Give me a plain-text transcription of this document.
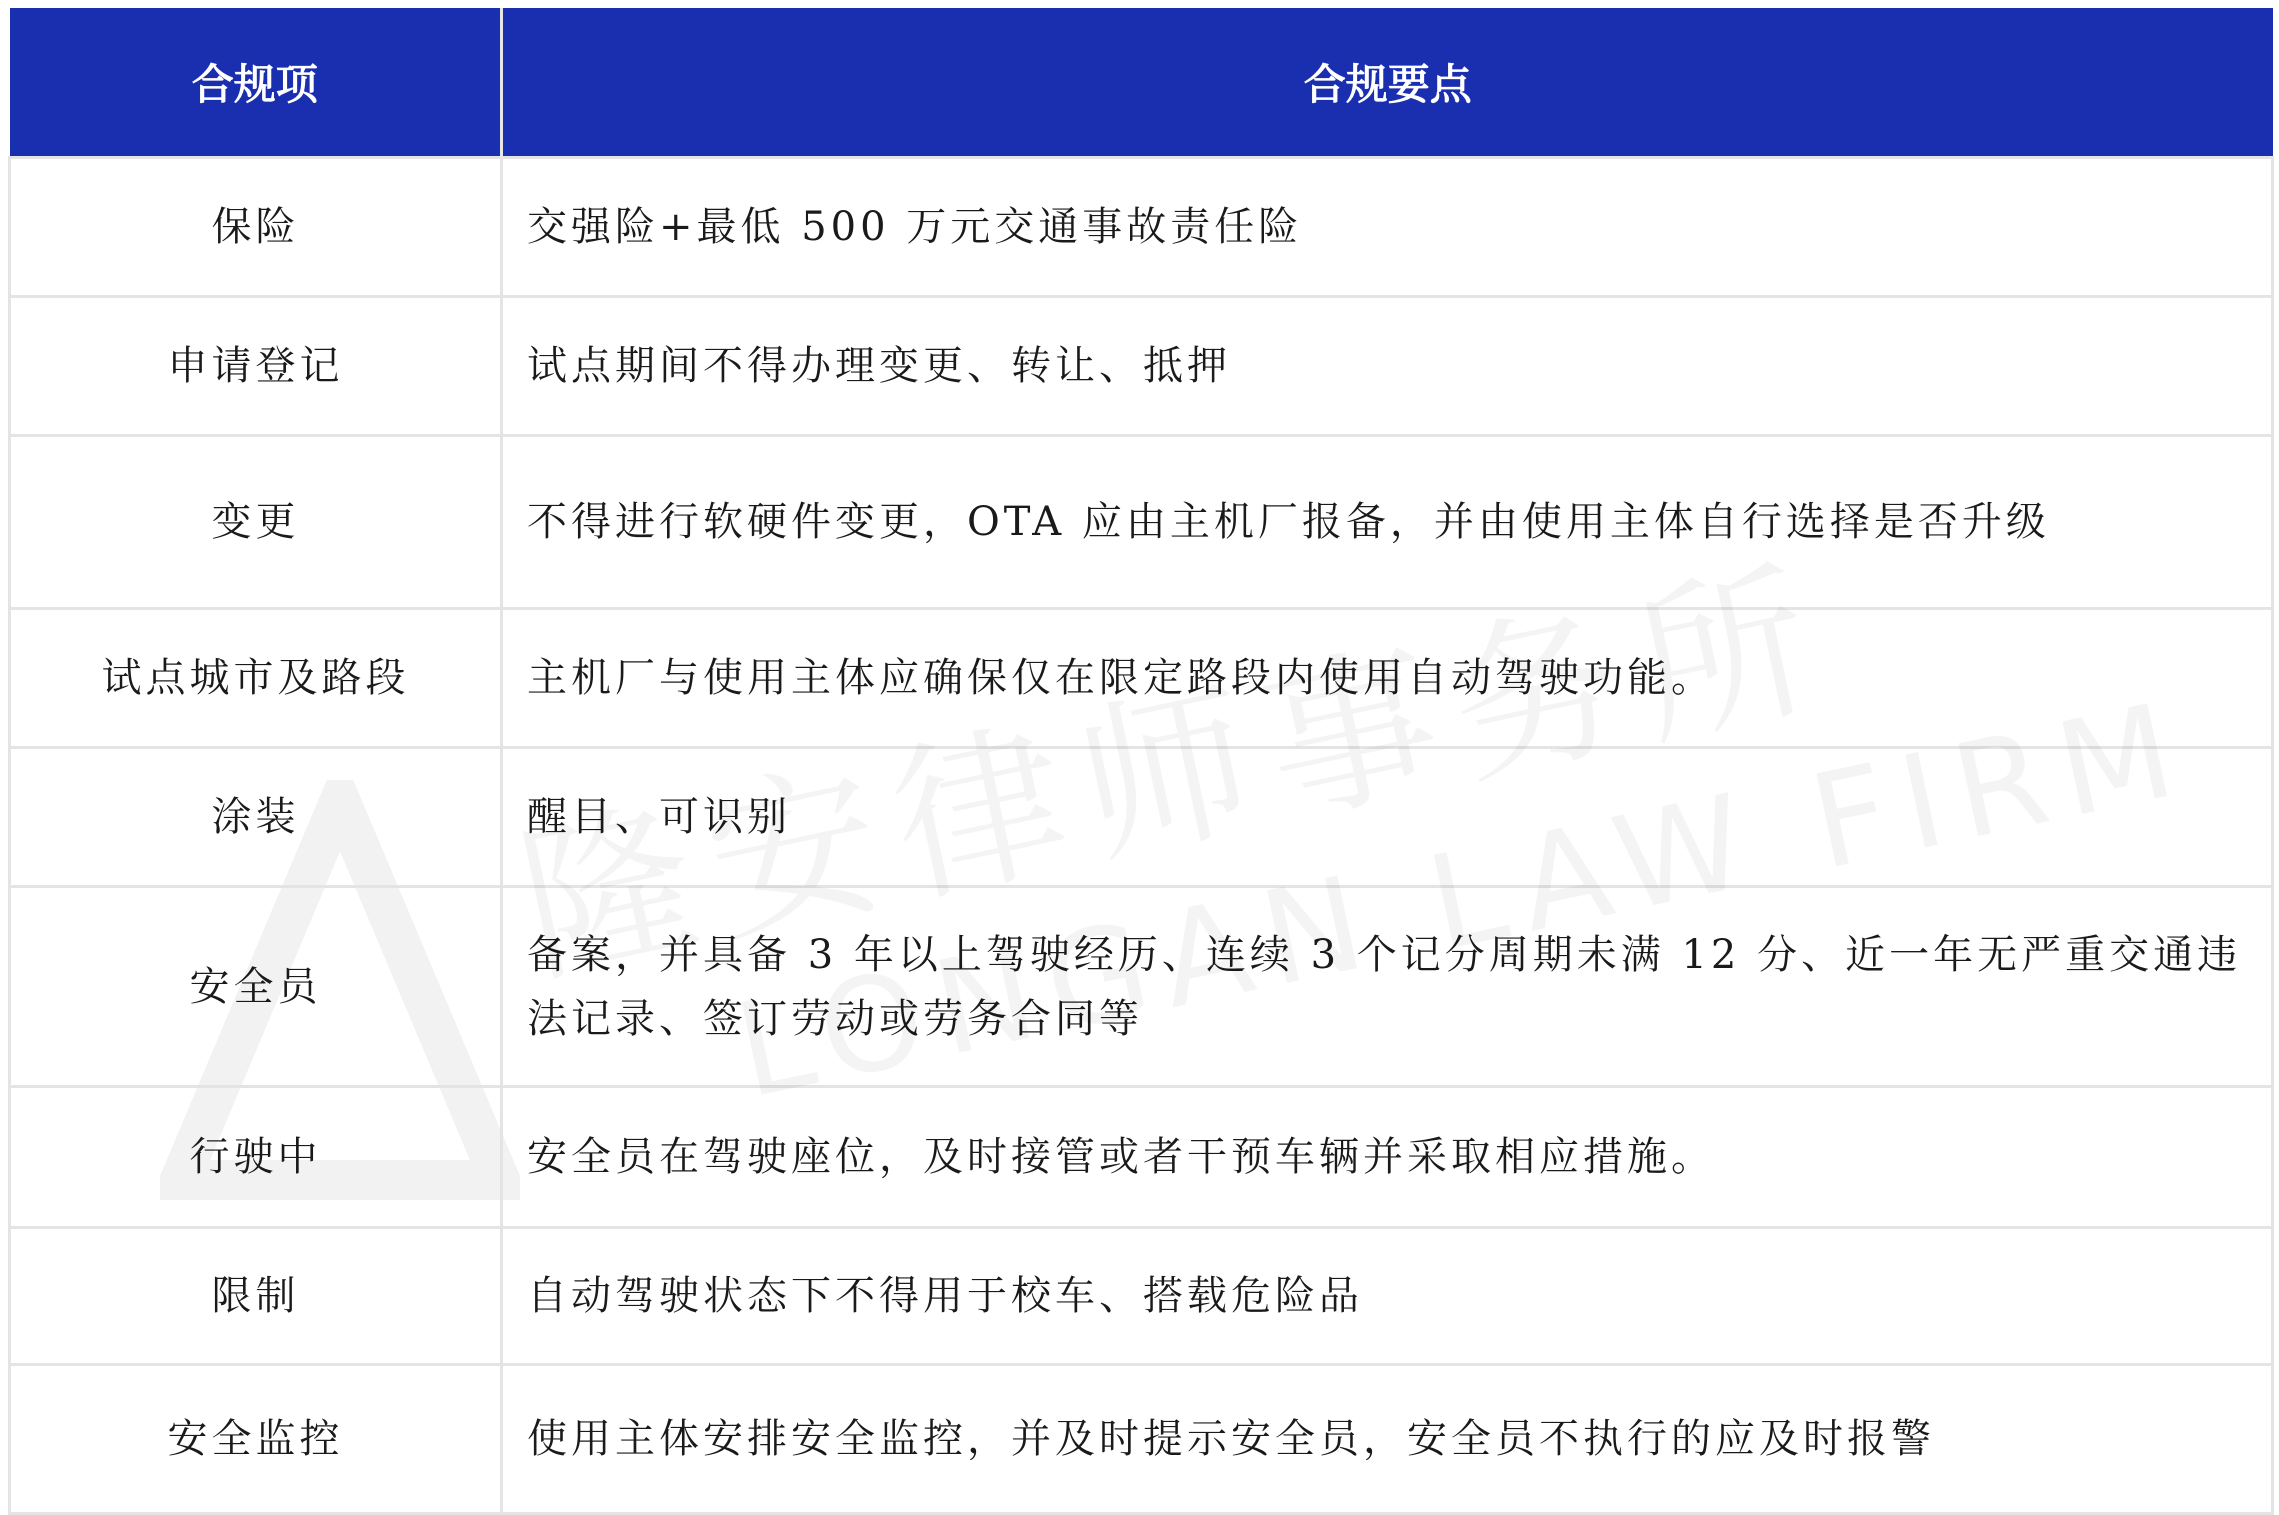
合规项	合规要点
保险	交强险+最低 500 万元交通事故责任险
申请登记	试点期间不得办理变更、转让、抵押
变更	不得进行软硬件变更，OTA 应由主机厂报备，并由使用主体自行选择是否升级
试点城市及路段	主机厂与使用主体应确保仅在限定路段内使用自动驾驶功能。
涂装	醒目、可识别
安全员	备案，并具备 3 年以上驾驶经历、连续 3 个记分周期未满 12 分、近一年无严重交通违法记录、签订劳动或劳务合同等
行驶中	安全员在驾驶座位，及时接管或者干预车辆并采取相应措施。
限制	自动驾驶状态下不得用于校车、搭载危险品
安全监控	使用主体安排安全监控，并及时提示安全员，安全员不执行的应及时报警
